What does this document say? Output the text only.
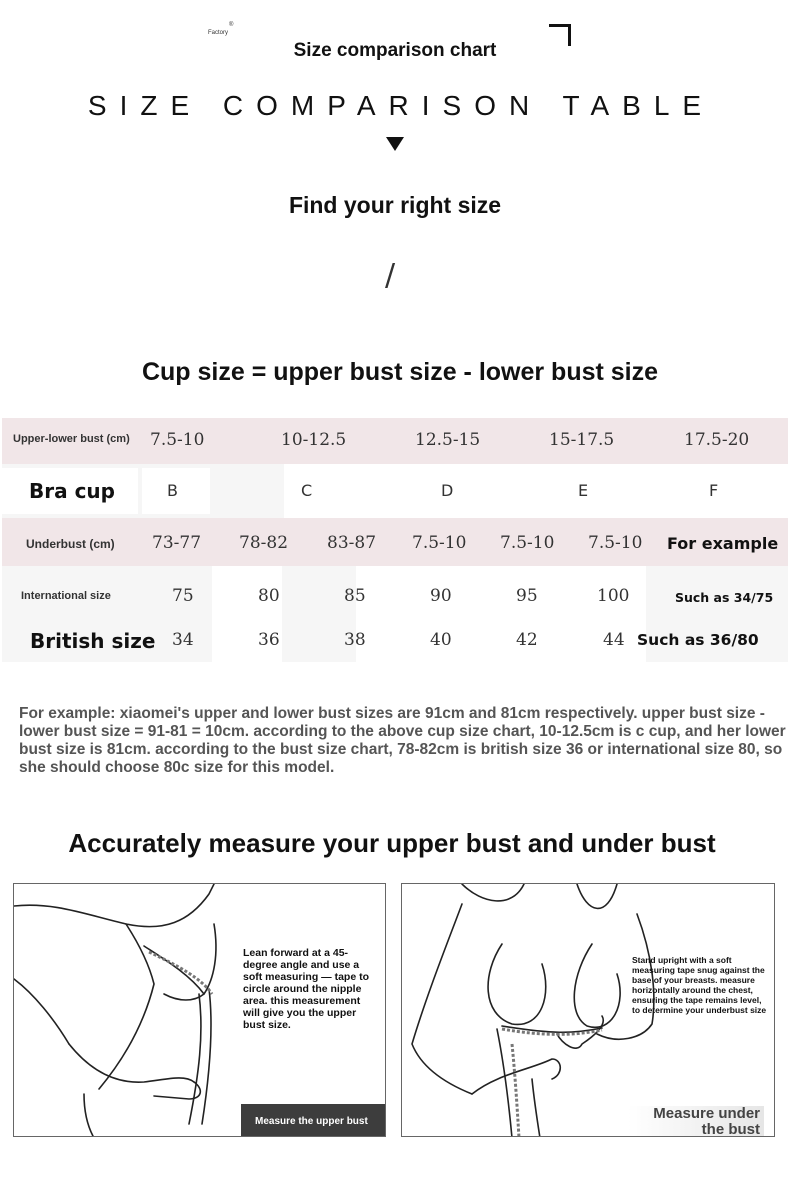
®
Factory
Size comparison chart
SIZE COMPARISON TABLE
Find your right size
/
Cup size = upper bust size - lower bust size
Upper-lower bust (cm) 7.5-10	10-12.5	12.5-15	15-17.5	17.5-20
Bra cup	B	C	D	E	F
Underbust (cm) 73-77 78-82 83-87 7.5-10 7.5-10 7.5-10 For example
International size	75	80	85	90	95	100	Such as 34/75
British size 34	36	38	40	42	44 Such as 36/80
For example: xiaomei's upper and lower bust sizes are 91cm and 81cm respectively. upper bust size - lower bust size = 91-81 = 10cm. according to the above cup size chart, 10-12.5cm is c cup, and her lower bust size is 81cm. according to the bust size chart, 78-82cm is british size 36 or international size 80, so she should choose 80c size for this model.
Accurately measure your upper bust and under bust
Lean forward at a 45-degree angle and use a soft measuring — tape to circle around the nipple area. this measurement will give you the upper bust size.
Measure the upper bust
Stand upright with a soft measuring tape snug against the base of your breasts. measure horizontally around the chest, ensuring the tape remains level, to determine your underbust size
Measure under the bust
